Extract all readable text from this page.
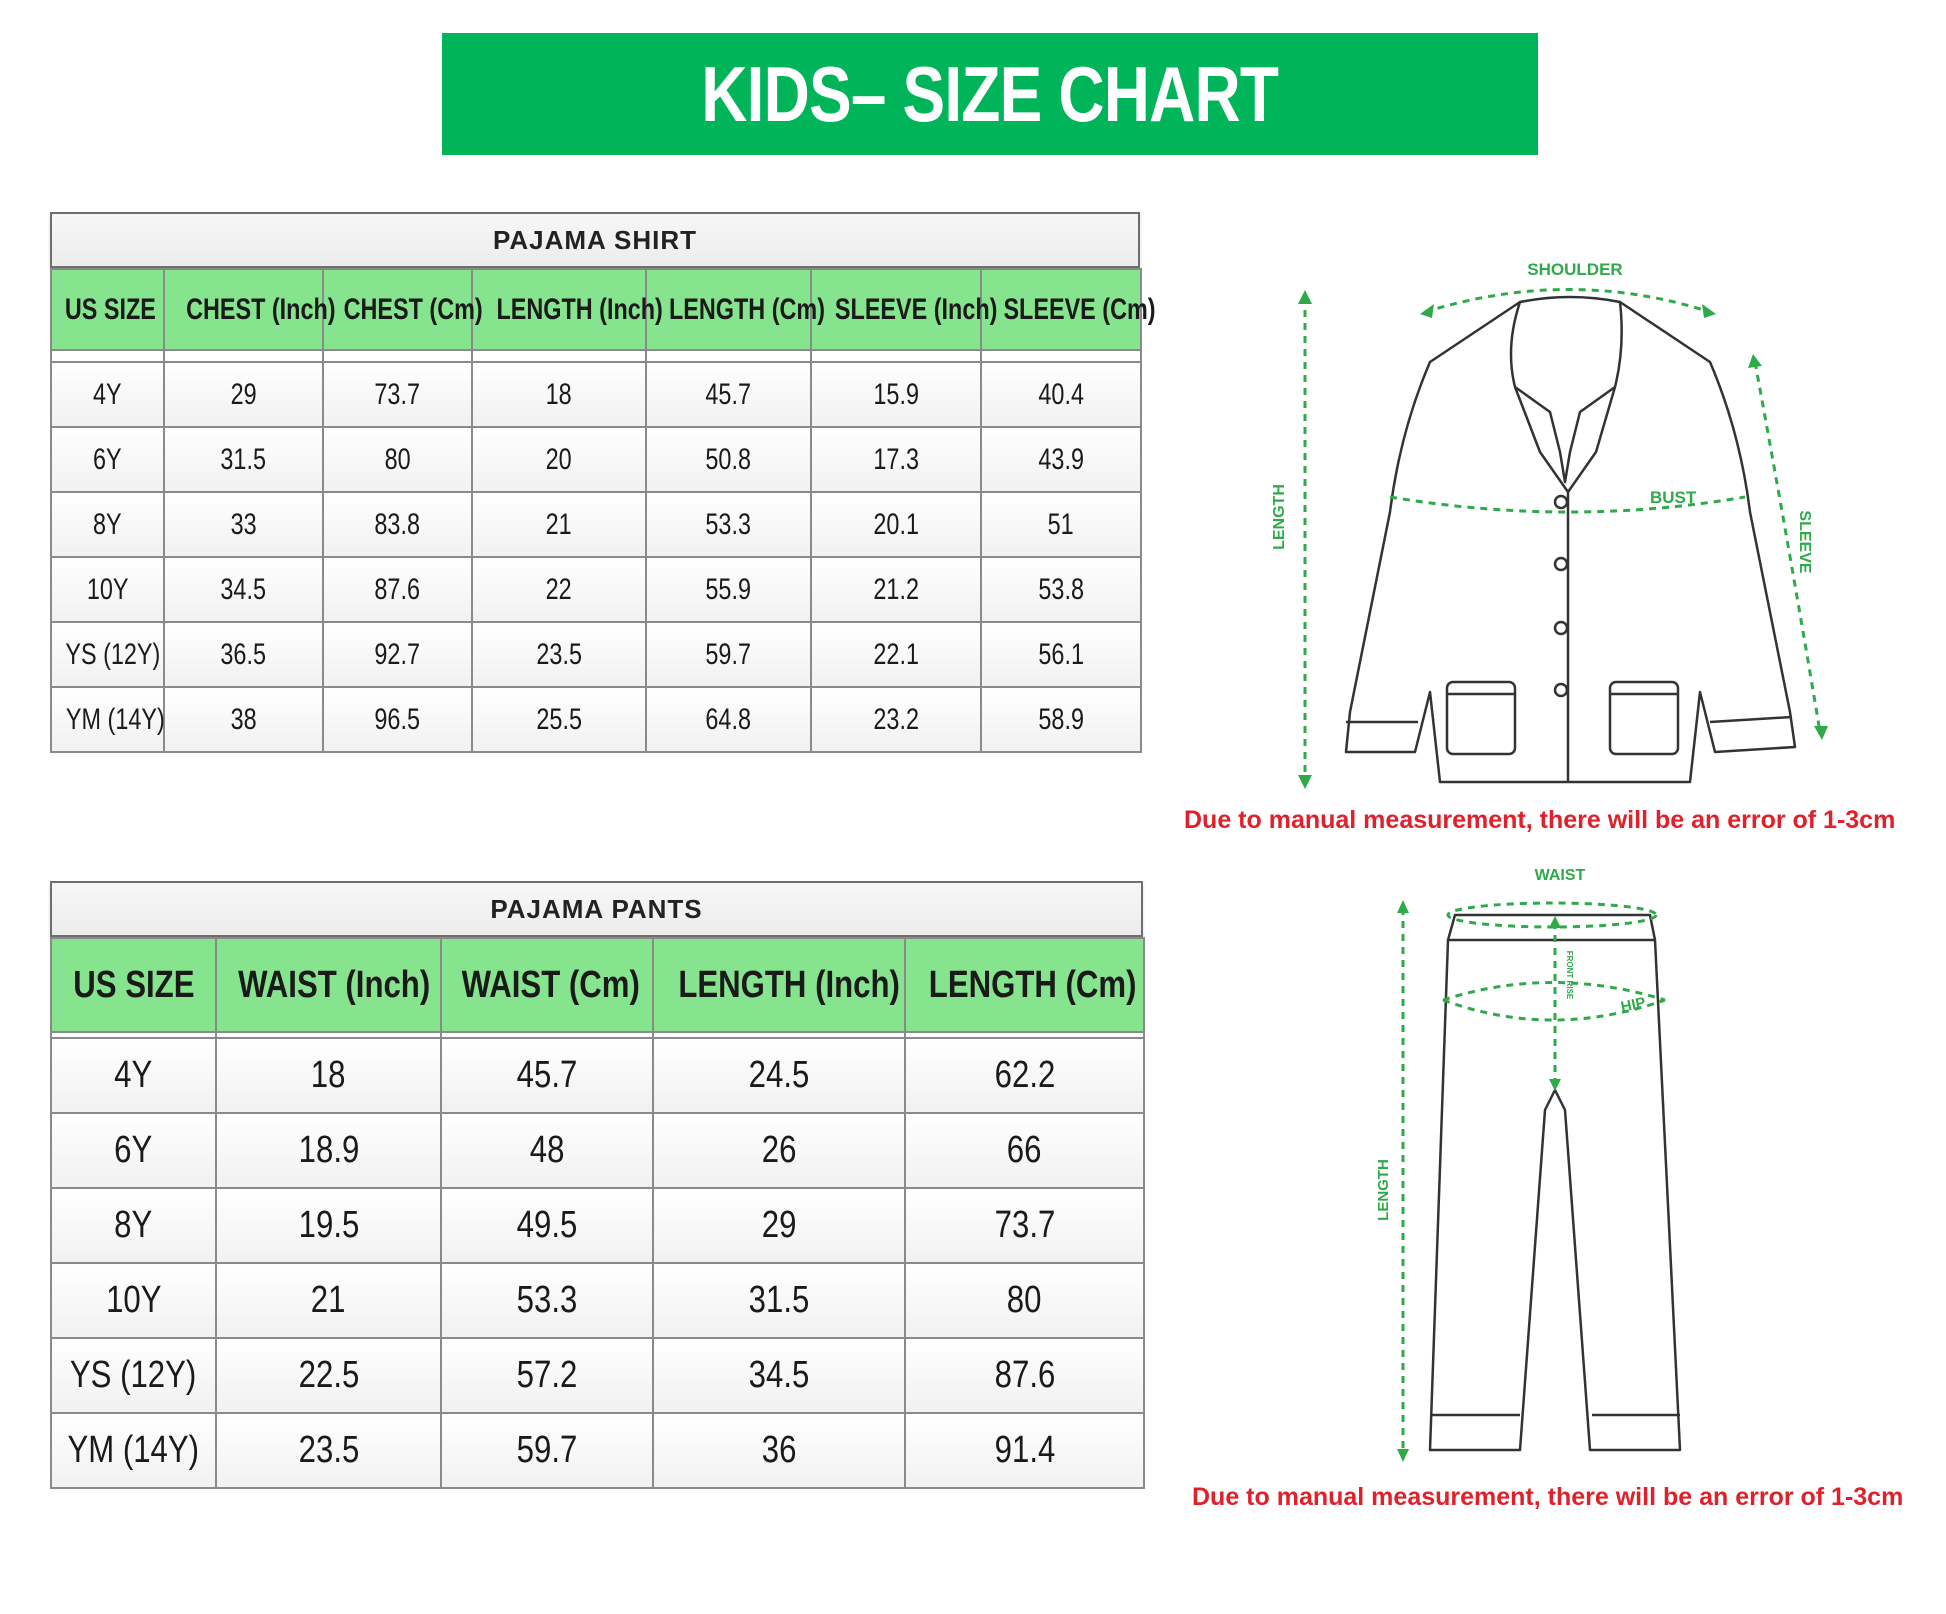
KIDS– SIZE CHART
PAJAMA SHIRT
US SIZE	CHEST (Inch)	CHEST (Cm)	LENGTH (Inch)	LENGTH (Cm)	SLEEVE (Inch)	SLEEVE (Cm)

4Y	29	73.7	18	45.7	15.9	40.4
6Y	31.5	80	20	50.8	17.3	43.9
8Y	33	83.8	21	53.3	20.1	51
10Y	34.5	87.6	22	55.9	21.2	53.8
YS (12Y)	36.5	92.7	23.5	59.7	22.1	56.1
YM (14Y)	38	96.5	25.5	64.8	23.2	58.9
PAJAMA PANTS
US SIZE	WAIST (Inch)	WAIST (Cm)	LENGTH (Inch)	LENGTH (Cm)

4Y	18	45.7	24.5	62.2
6Y	18.9	48	26	66
8Y	19.5	49.5	29	73.7
10Y	21	53.3	31.5	80
YS (12Y)	22.5	57.2	34.5	87.6
YM (14Y)	23.5	59.7	36	91.4
SHOULDER
BUST
LENGTH	SLEEVE
Due to manual measurement, there will be an error of 1-3cm
WAIST
HIP
FRONT RISE
LENGTH
Due to manual measurement, there will be an error of 1-3cm
